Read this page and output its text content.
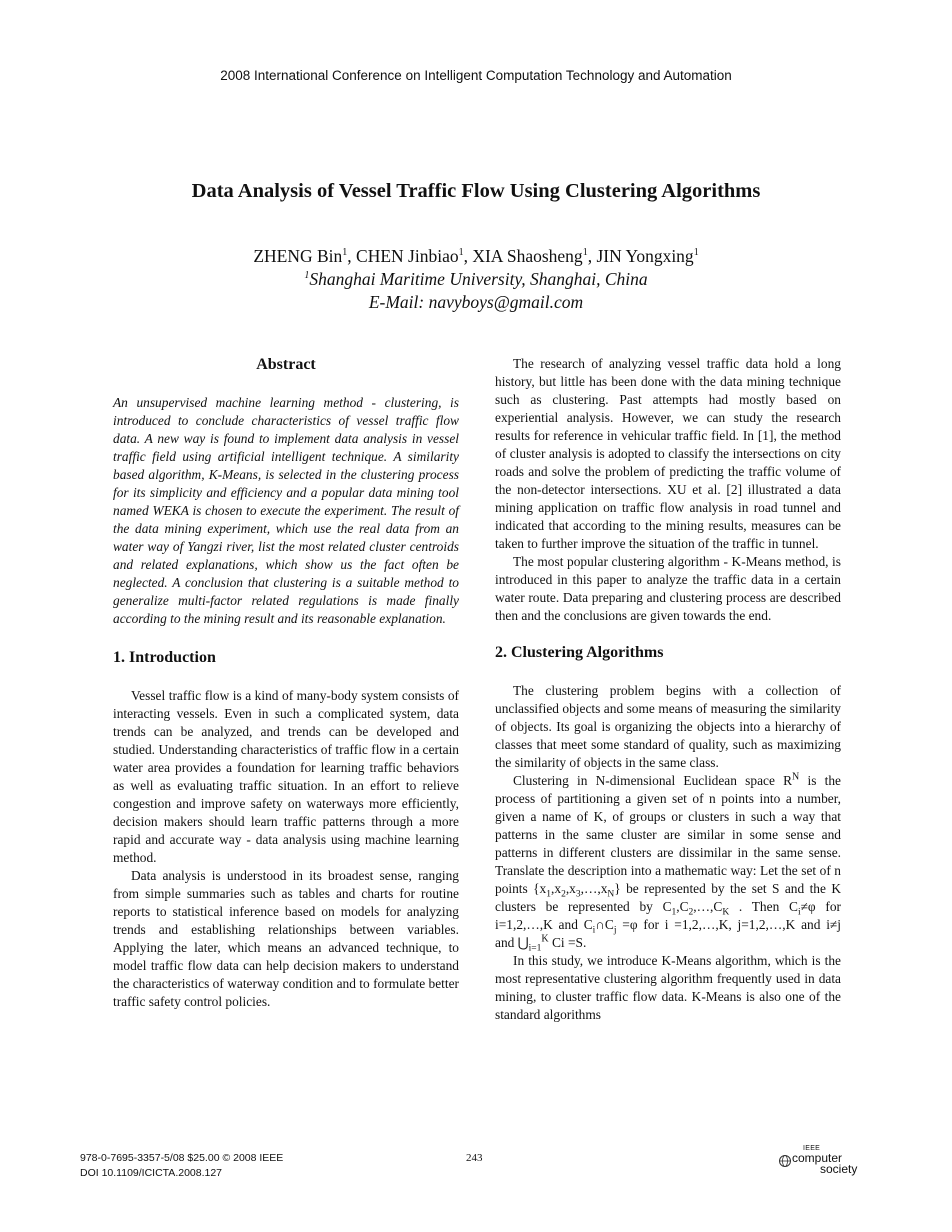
2008 International Conference on Intelligent Computation Technology and Automation
Data Analysis of Vessel Traffic Flow Using Clustering Algorithms
ZHENG Bin$^1$, CHEN Jinbiao$^1$, XIA Shaosheng$^1$, JIN Yongxing$^1$
$^1$Shanghai Maritime University, Shanghai, China
E-Mail: navyboys@gmail.com
Abstract
An unsupervised machine learning method - clustering, is introduced to conclude characteristics of vessel traffic flow data. A new way is found to implement data analysis in vessel traffic field using artificial intelligent technique. A similarity based algorithm, K-Means, is selected in the clustering process for its simplicity and efficiency and a popular data mining tool named WEKA is chosen to execute the experiment. The result of the data mining experiment, which use the real data from an water way of Yangzi river, list the most related cluster centroids and related explanations, which show us the fact often be neglected. A conclusion that clustering is a suitable method to generalize multi-factor related regulations is made finally according to the mining result and its reasonable explanation.
1. Introduction

Vessel traffic flow is a kind of many-body system consists of interacting vessels. Even in such a complicated system, data trends can be analyzed, and trends can be developed and studied. Understanding characteristics of traffic flow in a certain water area provides a foundation for learning traffic behaviors as well as evaluating traffic situation. In an effort to relieve congestion and improve safety on waterways more efficiently, decision makers should learn traffic patterns through a more rapid and accurate way - data analysis using machine learning method.

Data analysis is understood in its broadest sense, ranging from simple summaries such as tables and charts for routine reports to statistical inference based on models for analyzing trends and establishing relationships between variables. Applying the later, which means an advanced technique, to model traffic flow data can help decision makers to understand the characteristics of waterway condition and to formulate better traffic safety control policies.

The research of analyzing vessel traffic data hold a long history, but little has been done with the data mining technique such as clustering. Past attempts had mostly based on experiential analysis. However, we can study the research results for reference in vehicular traffic field. In [1], the method of cluster analysis is adopted to classify the intersections on city roads and solve the problem of predicting the traffic volume of the non-detector intersections. XU et al. [2] illustrated a data mining application on traffic flow analysis in road tunnel and indicated that according to the mining results, measures can be taken to further improve the situation of the traffic in tunnel.

The most popular clustering algorithm - K-Means method, is introduced in this paper to analyze the traffic data in a certain water route. Data preparing and clustering process are described then and the conclusions are given towards the end.

2. Clustering Algorithms

The clustering problem begins with a collection of unclassified objects and some means of measuring the similarity of objects. Its goal is organizing the objects into a hierarchy of classes that meet some standard of quality, such as maximizing the similarity of objects in the same class.

Clustering in N-dimensional Euclidean space $R^N$ is the process of partitioning a given set of n points into a number, given a name of K, of groups or clusters in such a way that patterns in the same cluster are similar in some sense and patterns in different clusters are dissimilar in the same sense. Translate the description into a mathematic way: Let the set of n points $\{x_1,x_2,x_3,\dots,x_N\}$ be represented by the set S and the K clusters be represented by $C_1,C_2,\dots,C_K$ . Then $C_i\ne\varphi$ for i=1,2,…,K and $C_i\cap C_j =\varphi$ for i =1,2,…,K, j=1,2,…,K and i≠j and $⋃_{i=1}^K$ Ci =S.

In this study, we introduce K-Means algorithm, which is the most representative clustering algorithm frequently used in data mining, to cluster traffic flow data. K-Means is also one of the standard algorithms

978-0-7695-3357-5/08 $25.00 © 2008 IEEE
DOI 10.1109/ICICTA.2008.127
243
IEEE
computer
society
